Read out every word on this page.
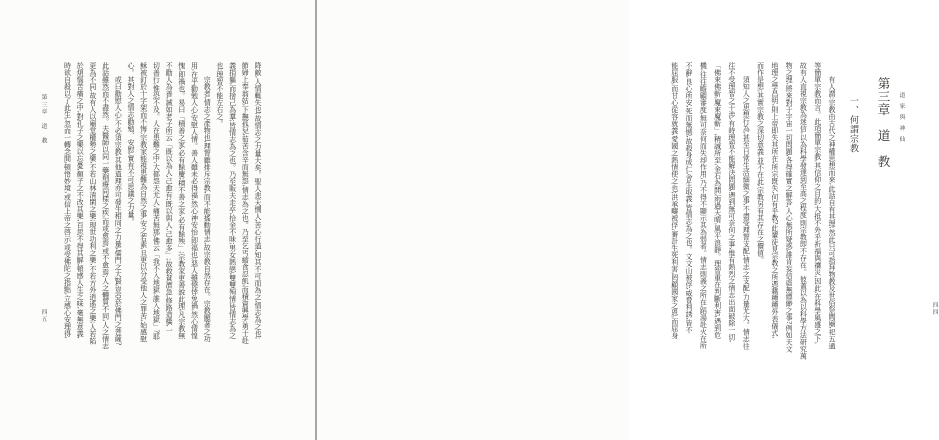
第三章　道　教
四五	降敵,人情輒失也;故情志之力量大矣。聖人悲天憫人,苦心行道,知其不可而為之,情志為之也;
節婦上奉翁姑,下撫孤兒,茹苦含辛而無怨,情志為之也。乃至乞丐縮食忍飢,而積資興學;勇士赴
義捐軀,而捨己為羣;皆情志為之也。乃至販夫走卒,拾金不昧;男女熱戀,雙雙殉情;皆情志為之
也;理智不能左右之。
　　宗教者,情志之產物也,理智雖排斥宗教,而不能搖動情志,故宗教自然存在。宗教顯著之功
用,在乎勸勉人心,安慰人情。善人雖未必得福,然心神安怡,即福也;惡人雖僥倖免禍,然心情惶
愧,即禍也。易曰「積善之家,必有餘慶;積不善之家,必有餘殃」;宗教家更善說此理,凡宗教無
不勸人為善,誡如老子所云「既以為人,己愈有;既以與人,己愈多」;故救貧濟急,修路造橋,一
切善行,惟恐不及。人在患難之中,大都怨天尤人,痛苦無那,佛云「我不入地獄,誰入地獄」?耶
穌被釘於十字架而不悔;宗教家能視患難為自然之事,安之若素,且更以分受他人之罪苦,始感慰
心。其對人之情志勸勉、安慰,實有不可思議之力量。
　　或曰勸慰人心,不必須宗教,其他道理亦可發生相同之力量,儒門之大賢,豈亞於佛門之菩薩?
此話雖然而不盡然。夫醫師以同一藥劑療同樣之疾,而或愈焉,或不愈焉;人之體質不同,人之情志
更為不同,故有人以廟堂權勢之樂,不若山林清閑之樂;現世功利之樂,不若方外逍遙之樂;人若陷
於煩惱苦痛之中,對孔子之樂以忘憂,顏子之不改其樂,百思不得其解,頓感人生乏味,毫無意義,
時欲自殺以了此生,忽而一轉念間,頓悟妙境,或信上帝之啓示,或受佛陀之指點,立感心安理得,	道家與神仙
四四
第三章　道　教
一、何謂宗教
　　有人謂:宗教由古代之神權思想而來,此話自有其理;然此只可指拜物教及世俗祭閭廟,祀五通
等簡單宗教而言。此項簡單宗教,其信仰之目的,大抵不外乎祈福與禳災,因此,在科學風盛之下,
故有人直視宗教為迷信,以為科學發達到至高之程度,則宗教即不存在。彼蓋以為以科學方法研究萬
物之理,將來對于宇宙一切問題,各得確實之解答,人心無所疑惑,誰肯妄信虛無縹緲之事?例如天文
地理之學昌明,則上帝即失其所在,所宗既失,何有乎教?此輩徒見宗教之所憑藉種種外表儀式,
而作是想;其實宗教之深切意義,並不在此,宗教另有其存在之價值。
　　須知人之思想行為,甚至日常生活細微之事,不盡受理智支配;情志之支配,力量尤大。情志往
往不受理智之干涉,有時理智不能解決問題,遇到無可奈何之事,惟有熱烈之情志出面破除一切,
「佛來佛斬,魔來魔斬」,精誠所至,金石為開,雨過天晴,風平浪靜。理智重在判斷利害,遇到危
機,往往瞻顧審度,無可奈何而失却作用,乃不得不顯示其為弱者。情志則義之所在,蹈湯赴火在所
不辭,良心所安,死而無憾,故殺身成仁,舍生取義,皆情志為之也。文文山被俘,威脅利誘,皆不
能屈服,而甘心從容就義,愛國之熱情使之也;洪承疇被俘,審計生死利害,罔顧國家之恩,而屈身
